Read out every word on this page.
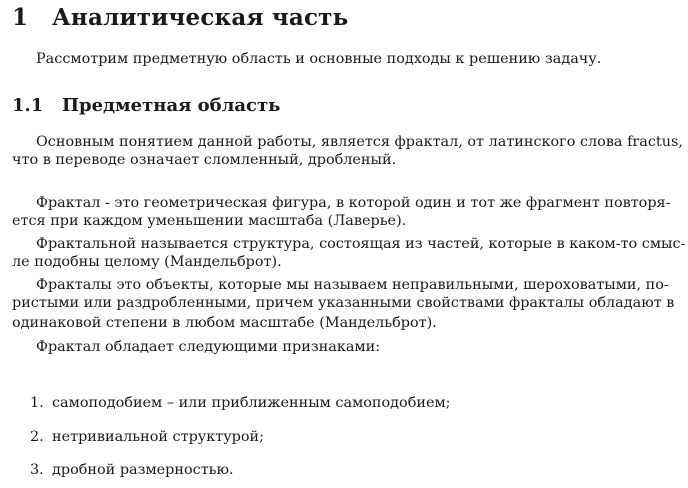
1 Аналитическая часть
Рассмотрим предметную область и основные подходы к решению задачу.
1.1 Предметная область
Основным понятием данной работы, является фрактал, от латинского слова fractus,
что в переводе означает сломленный, дробленый.
Фрактал - это геометрическая фигура, в которой один и тот же фрагмент повторя-
ется при каждом уменьшении масштаба (Лаверье).
Фрактальной называется структура, состоящая из частей, которые в каком-то смыс-
ле подобны целому (Мандельброт).
Фракталы это объекты, которые мы называем неправильными, шероховатыми, по-
ристыми или раздробленными, причем указанными свойствами фракталы обладают в
одинаковой степени в любом масштабе (Мандельброт).
Фрактал обладает следующими признаками:
1. самоподобием – или приближенным самоподобием;
2. нетривиальной структурой;
3. дробной размерностью.
